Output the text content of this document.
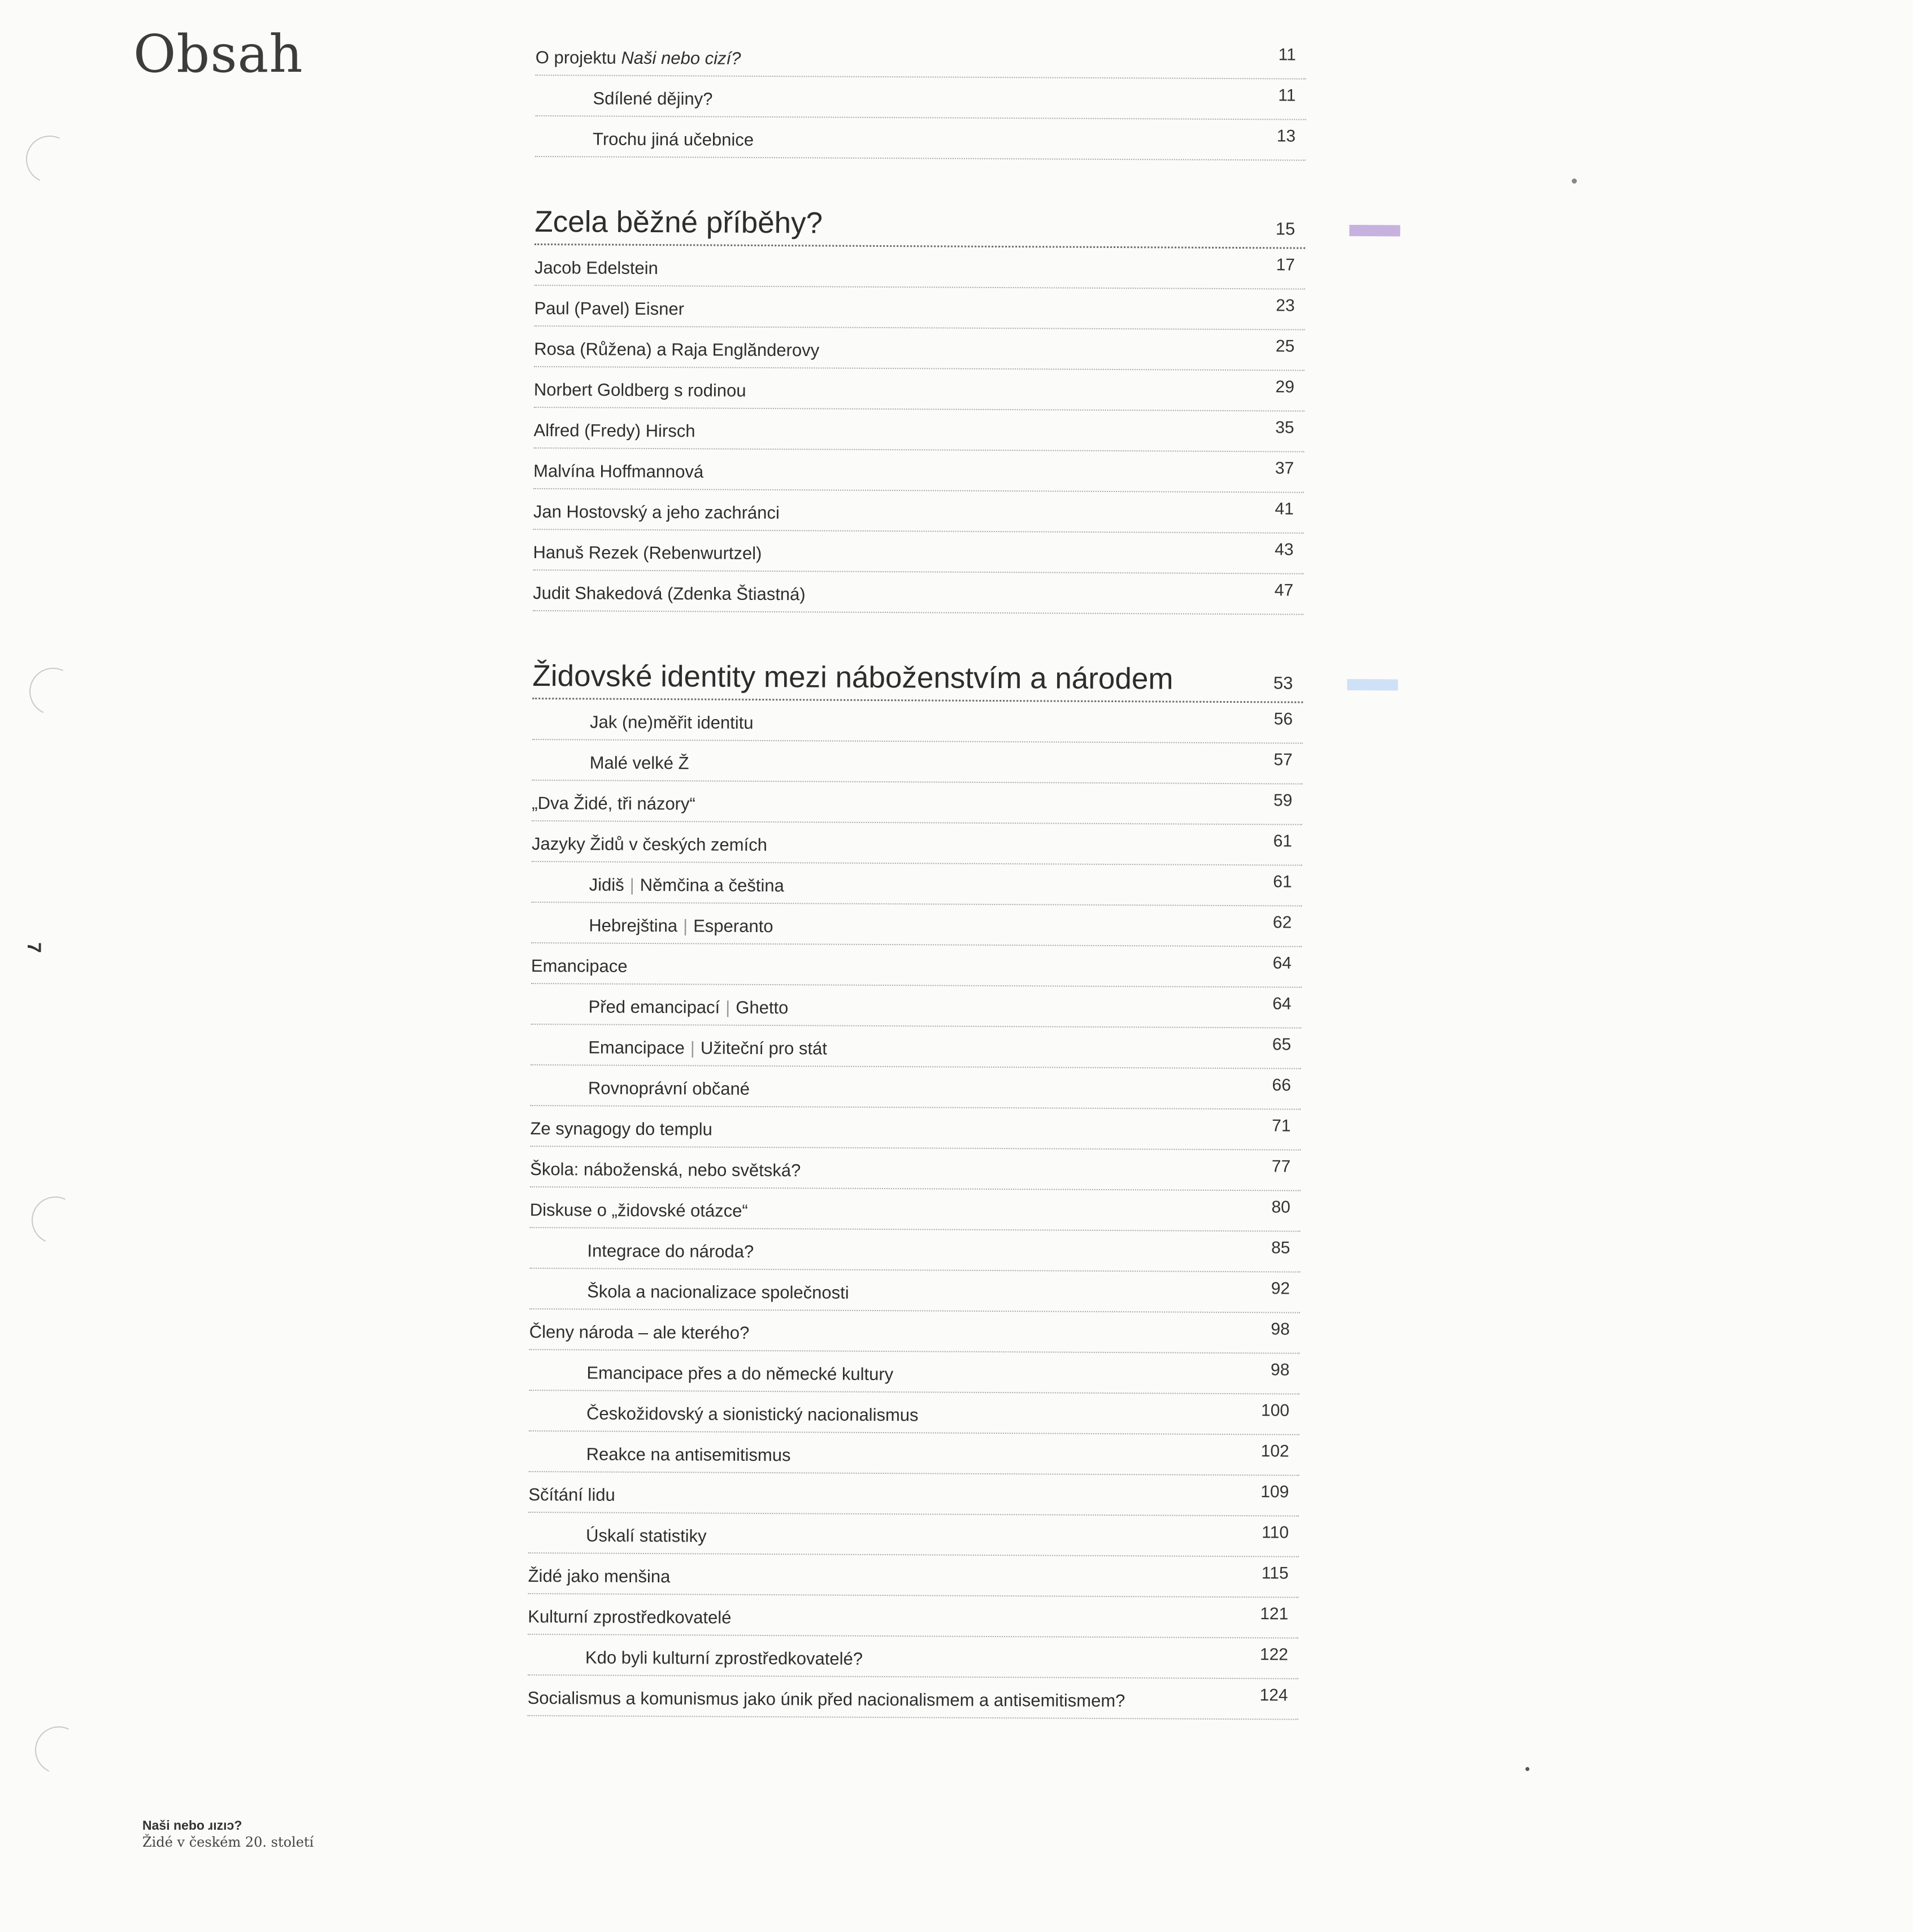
Obsah
7
O projektu Naši nebo cizí?	11
Sdílené dějiny?	11
Trochu jiná učebnice	13
Zcela běžné příběhy?	15
Jacob Edelstein	17
Paul (Pavel) Eisner	23
Rosa (Růžena) a Raja Englănderovy	25
Norbert Goldberg s rodinou	29
Alfred (Fredy) Hirsch	35
Malvína Hoffmannová	37
Jan Hostovský a jeho zachránci	41
Hanuš Rezek (Rebenwurtzel)	43
Judit Shakedová (Zdenka Štiastná)	47
Židovské identity mezi náboženstvím a národem	53
Jak (ne)měřit identitu	56
Malé velké Ž	57
„Dva Židé, tři názory“	59
Jazyky Židů v českých zemích	61
Jidiš | Němčina a čeština	61
Hebrejština | Esperanto	62
Emancipace	64
Před emancipací | Ghetto	64
Emancipace | Užiteční pro stát	65
Rovnoprávní občané	66
Ze synagogy do templu	71
Škola: náboženská, nebo světská?	77
Diskuse o „židovské otázce“	80
Integrace do národa?	85
Škola a nacionalizace společnosti	92
Členy národa – ale kterého?	98
Emancipace přes a do německé kultury	98
Českožidovský a sionistický nacionalismus	100
Reakce na antisemitismus	102
Sčítání lidu	109
Úskalí statistiky	110
Židé jako menšina	115
Kulturní zprostředkovatelé	121
Kdo byli kulturní zprostředkovatelé?	122
Socialismus a komunismus jako únik před nacionalismem a antisemitismem?	124
Naši nebo ɹızıɔ?
Židé v českém 20. století
